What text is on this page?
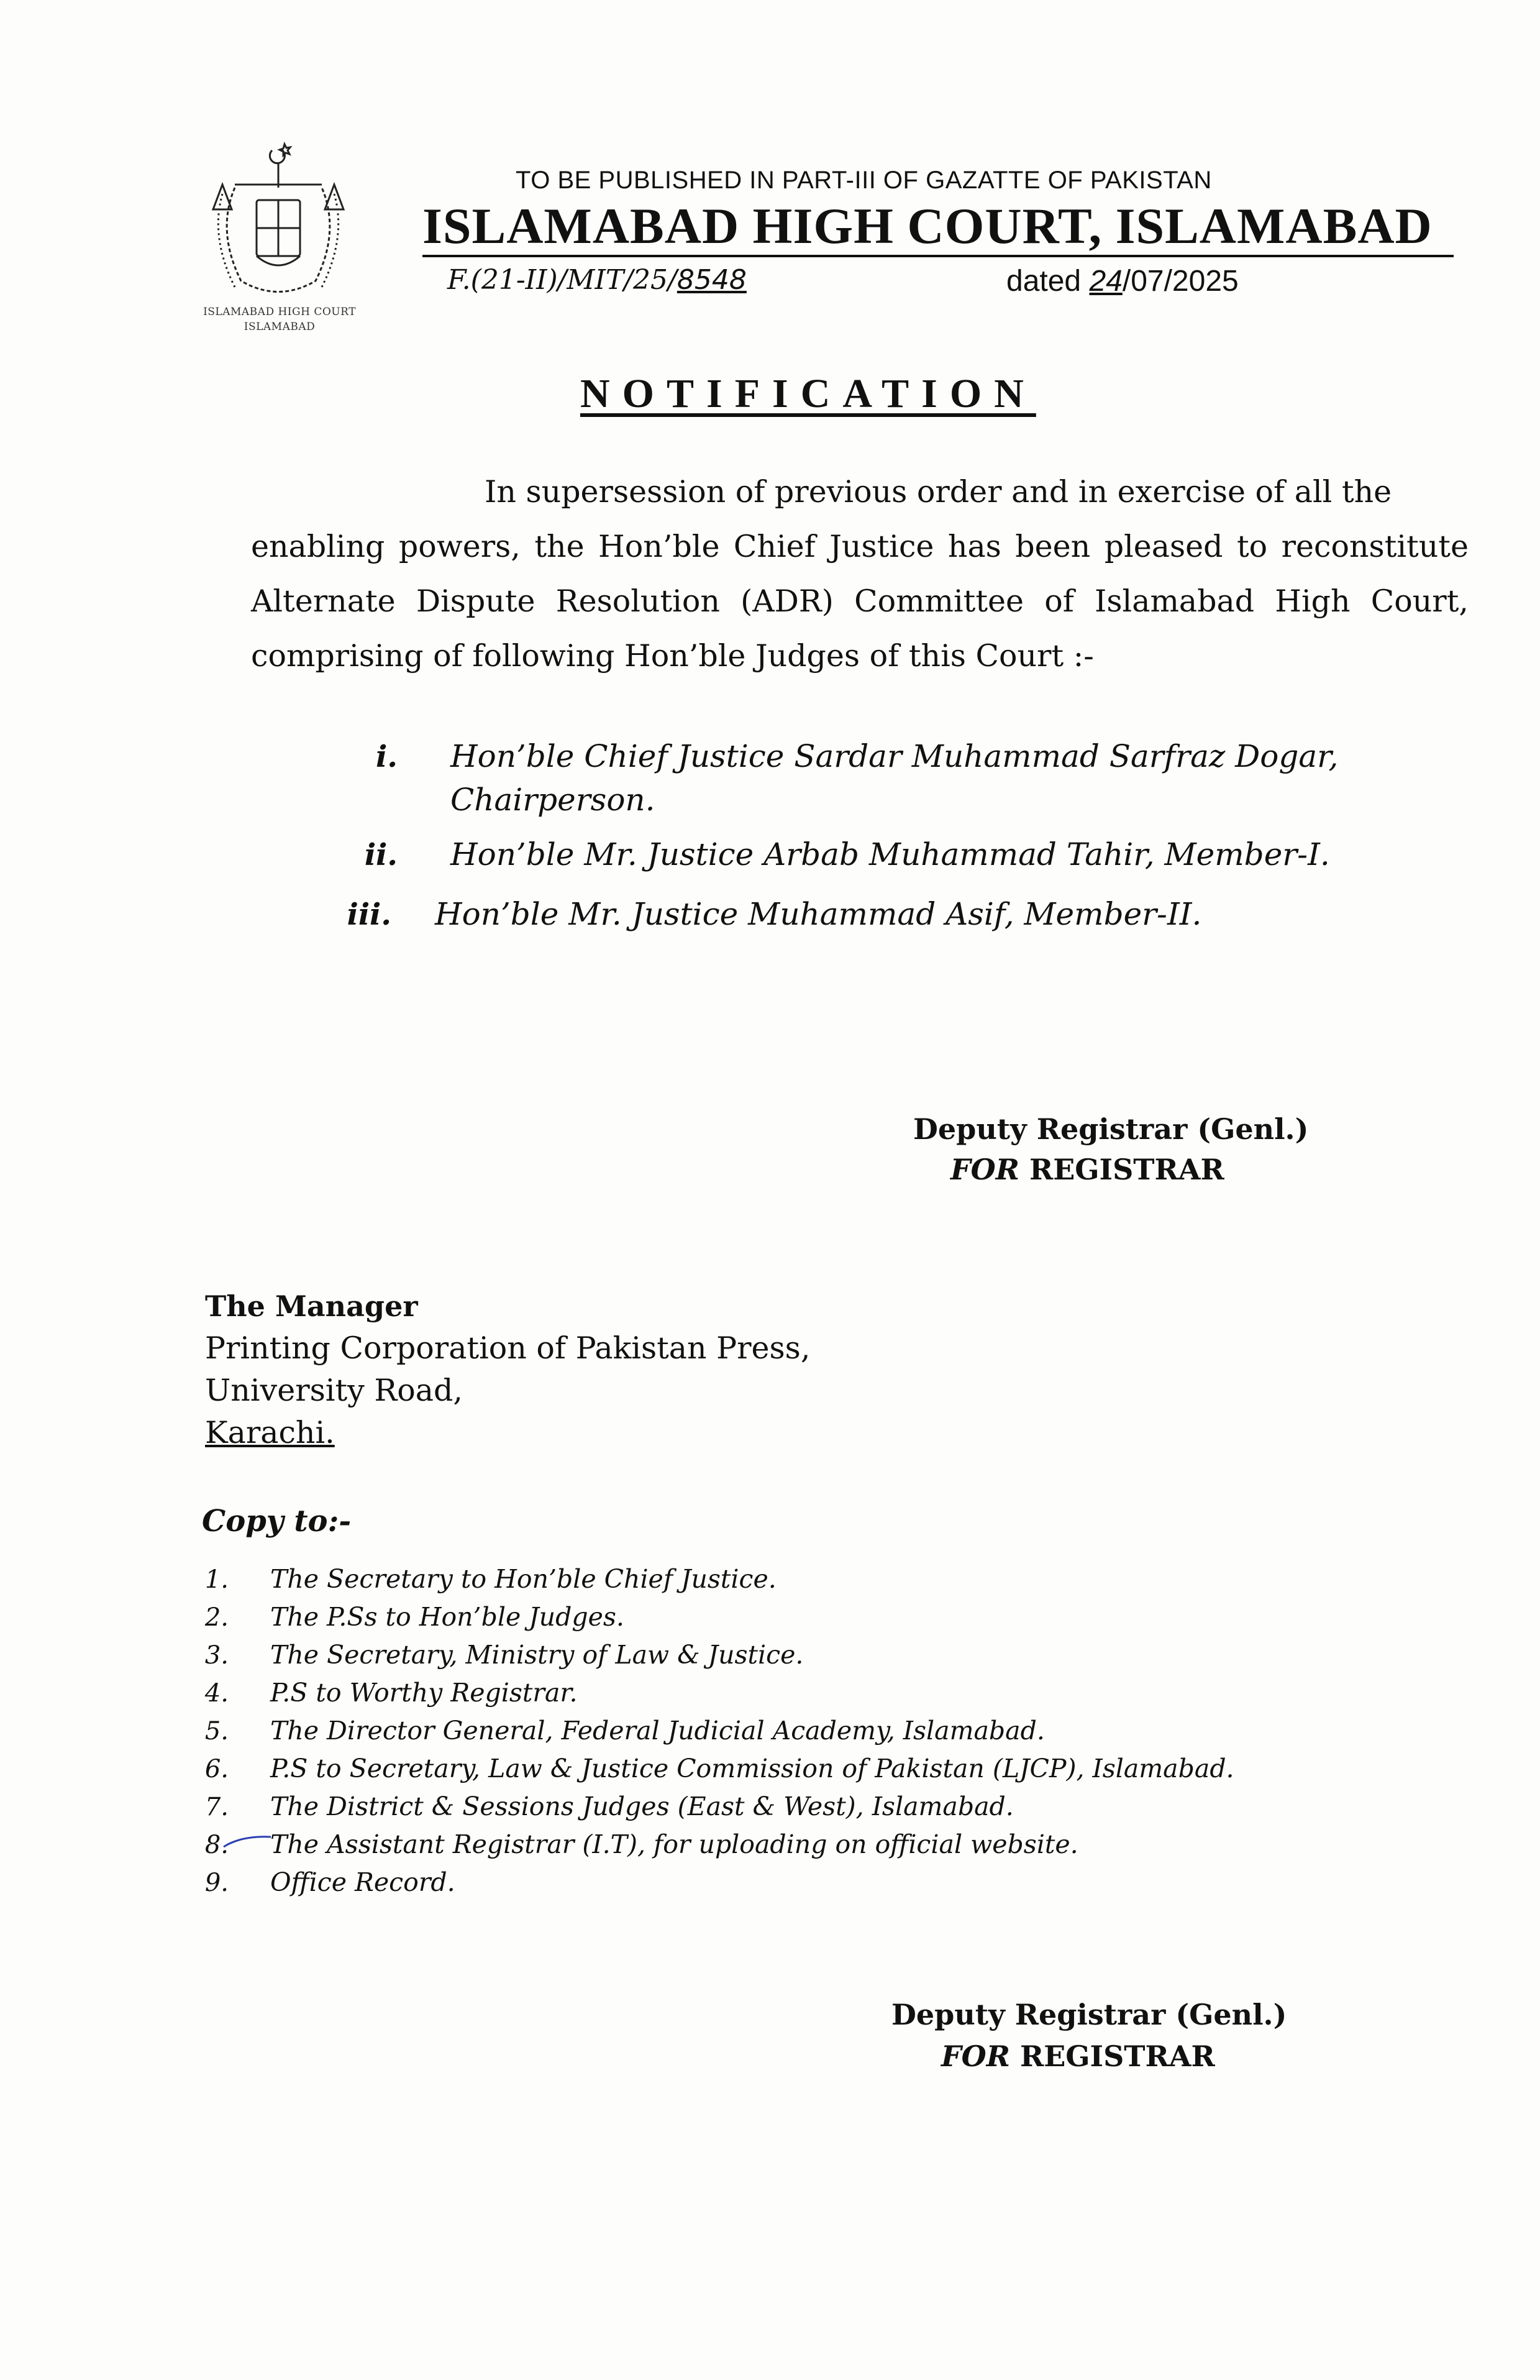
ISLAMABAD HIGH COURT
ISLAMABAD
TO BE PUBLISHED IN PART-III OF GAZATTE OF PAKISTAN
ISLAMABAD HIGH COURT, ISLAMABAD
F.(21-II)/MIT/25/8548	dated 24/07/2025
NOTIFICATION
In supersession of previous order and in exercise of all the
enabling powers, the Hon’ble Chief Justice has been pleased to reconstitute
Alternate Dispute Resolution (ADR) Committee of Islamabad High Court,
comprising of following Hon’ble Judges of this Court :-
i. Hon’ble Chief Justice Sardar Muhammad Sarfraz Dogar,
Chairperson.
ii. Hon’ble Mr. Justice Arbab Muhammad Tahir, Member-I.
iii. Hon’ble Mr. Justice Muhammad Asif, Member-II.
Deputy Registrar (Genl.)
FOR REGISTRAR
The Manager
Printing Corporation of Pakistan Press,
University Road,
Karachi.
Copy to:-
1. The Secretary to Hon’ble Chief Justice.
2. The P.Ss to Hon’ble Judges.
3. The Secretary, Ministry of Law & Justice.
4. P.S to Worthy Registrar.
5. The Director General, Federal Judicial Academy, Islamabad.
6. P.S to Secretary, Law & Justice Commission of Pakistan (LJCP), Islamabad.
7. The District & Sessions Judges (East & West), Islamabad.
8. The Assistant Registrar (I.T), for uploading on official website.
9. Office Record.
Deputy Registrar (Genl.)
FOR REGISTRAR
